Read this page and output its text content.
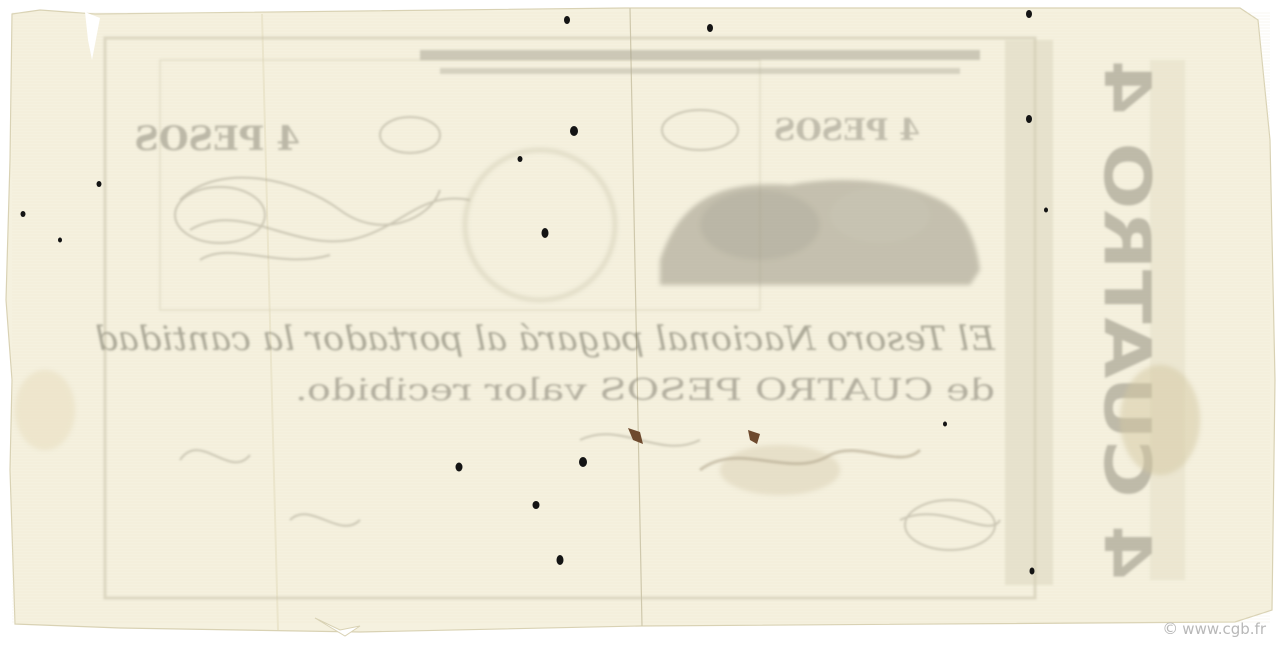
4 PESOS	4 PESOS
El Tesoro Nacional pagará al portador la cantidad
de CUATRO PESOS valor recibido. 4 CUATRO 4
© www.cgb.fr
